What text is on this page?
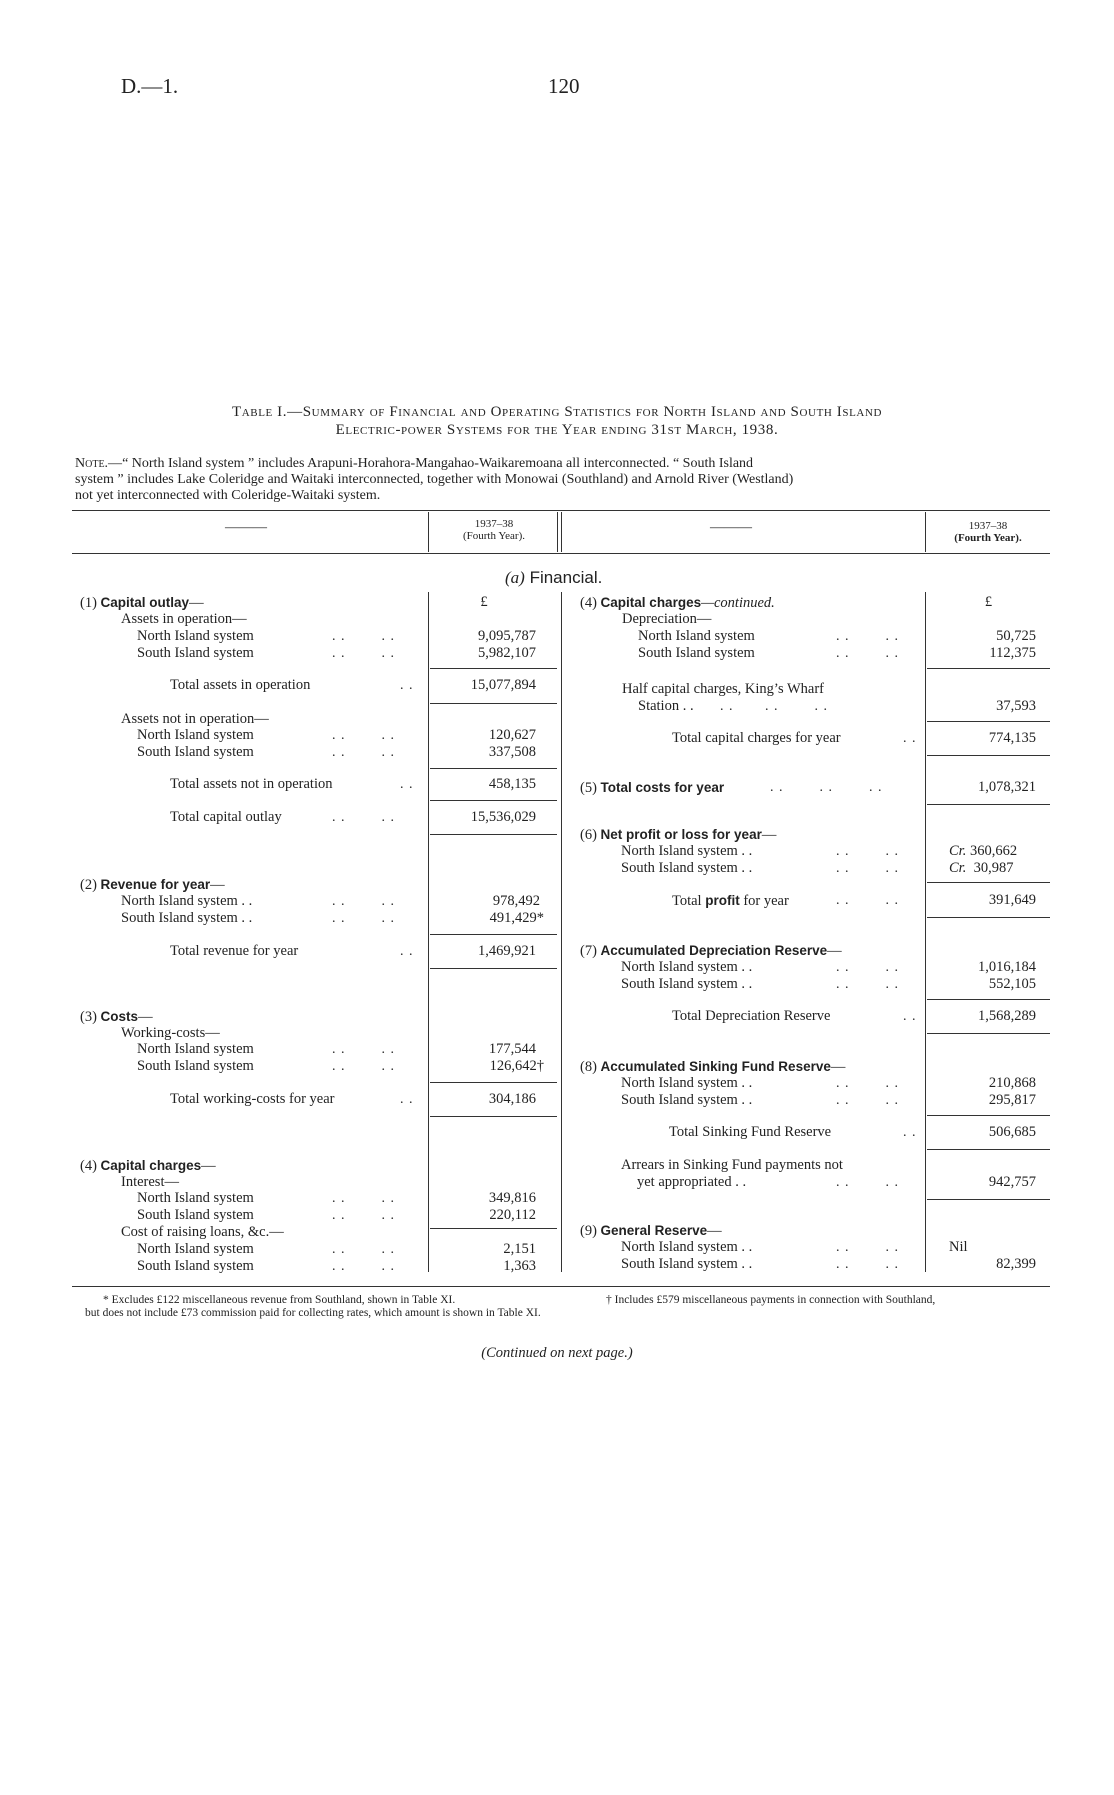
D.—1.	120
Table I.—Summary of Financial and Operating Statistics for North Island and South Island
Electric-power Systems for the Year ending 31st March, 1938.

Note.—“ North Island system ” includes Arapuni-Horahora-Mangahao-Waikaremoana all interconnected. “ South Island

system ” includes Lake Coleridge and Waitaki interconnected, together with Monowai (Southland) and Arnold River (Westland)

not yet interconnected with Coleridge-Waitaki system.

———	1937–38
(Fourth Year).
———	1937–38
(Fourth Year).
(a) Financial.
(1) Capital outlay—	£
Assets in operation—
North Island system	. .        . .	9,095,787
South Island system	. .        . .	5,982,107
Total assets in operation	. .	15,077,894
Assets not in operation—
North Island system	. .        . .	120,627
South Island system	. .        . .	337,508
Total assets not in operation	. .	458,135
Total capital outlay	. .        . .	15,536,029
(2) Revenue for year—
North Island system . .	. .        . .	978,492
South Island system . .	. .        . .	491,429*
Total revenue for year	. .	1,469,921
(3) Costs—
Working-costs—
North Island system	. .        . .	177,544
South Island system	. .        . .	126,642†
Total working-costs for year	. .	304,186
(4) Capital charges—
Interest—
North Island system	. .        . .	349,816
South Island system	. .        . .	220,112
Cost of raising loans, &c.—
North Island system	. .        . .	2,151
South Island system	. .        . .	1,363
(4) Capital charges—continued.	£
Depreciation—
North Island system	. .        . .	50,725
South Island system	. .        . .	112,375
Half capital charges, King’s Wharf
Station . . . .       . .        . .	37,593
Total capital charges for year	. .	774,135
(5) Total costs for year	. .        . .        . .	1,078,321
(6) Net profit or loss for year—
North Island system . .	. .        . .	Cr. 360,662
South Island system . .	. .        . .	Cr. 30,987
Total profit for year	. .        . .	391,649
(7) Accumulated Depreciation Reserve—
North Island system . .	. .        . .	1,016,184
South Island system . .	. .        . .	552,105
Total Depreciation Reserve	. .	1,568,289
(8) Accumulated Sinking Fund Reserve—
North Island system . .	. .        . .	210,868
South Island system . .	. .        . .	295,817
Total Sinking Fund Reserve	. .	506,685
Arrears in Sinking Fund payments not
yet appropriated . .	. .        . .	942,757
(9) General Reserve—
North Island system . .	. .        . .	Nil
South Island system . .	. .        . .	82,399
* Excludes £122 miscellaneous revenue from Southland, shown in Table XI.	† Includes £579 miscellaneous payments in connection with Southland,
but does not include £73 commission paid for collecting rates, which amount is shown in Table XI.
(Continued on next page.)
